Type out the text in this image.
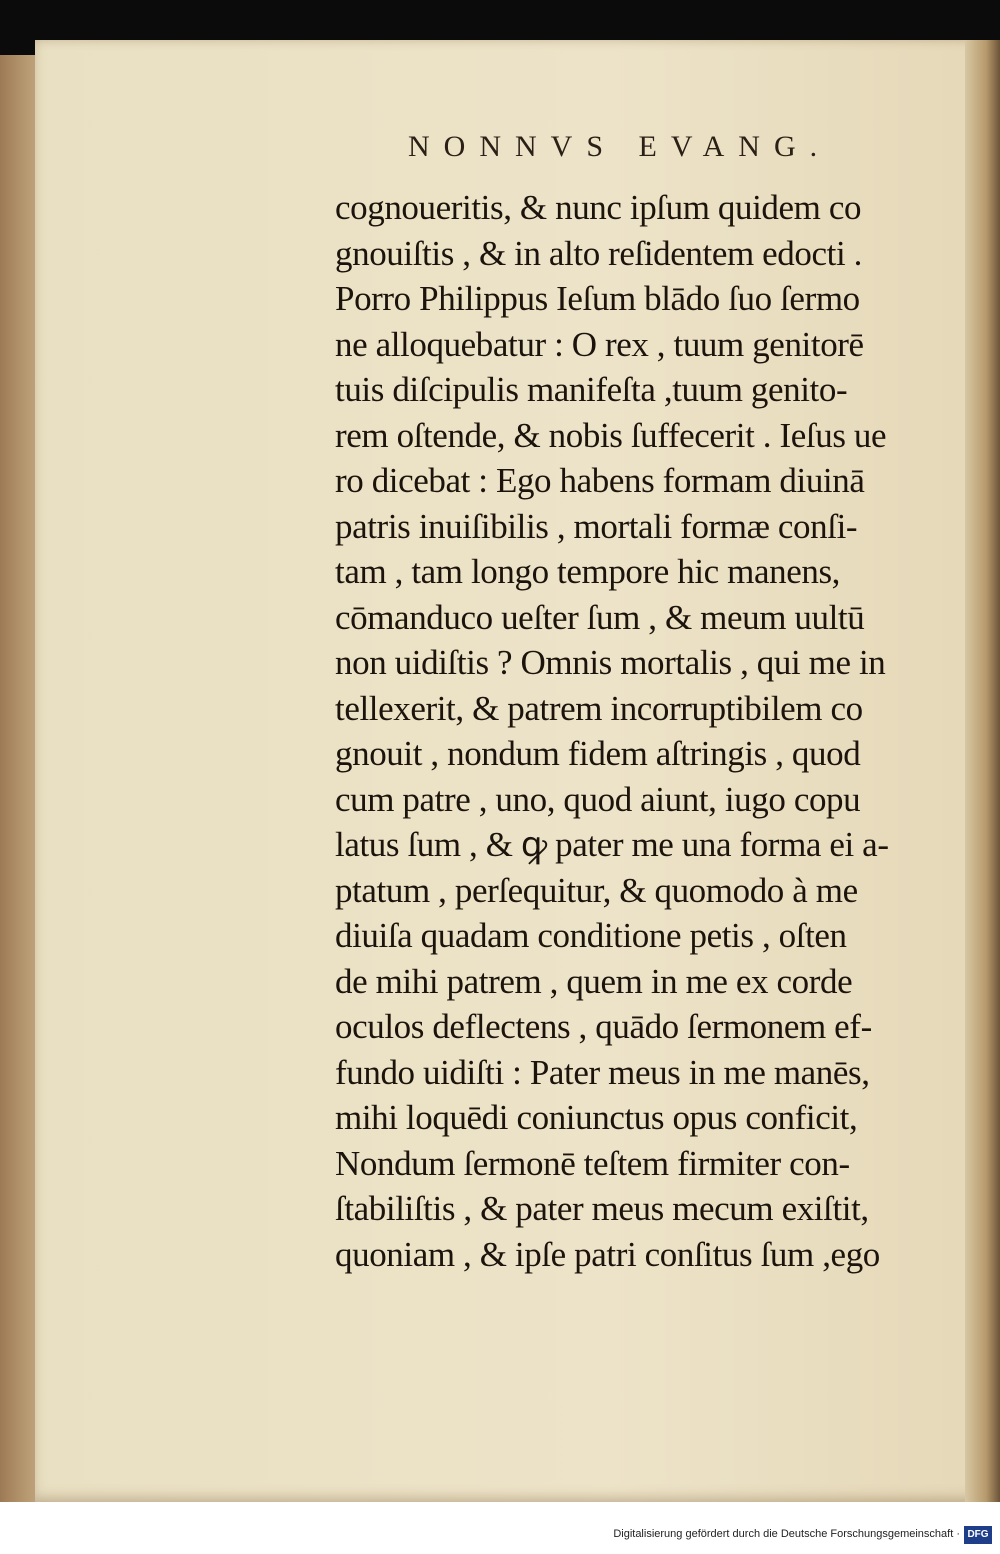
NONNVS EVANG.
cognoueritis, & nunc ipſum quidem co
gnouiſtis , & in alto reſidentem edocti .
Porro Philippus Ieſum blādo ſuo ſermo
ne alloquebatur : O rex , tuum genitorē
tuis diſcipulis manifeſta ,tuum genito-
rem oſtende, & nobis ſuffecerit . Ieſus ue
ro dicebat : Ego habens formam diuinā
patris inuiſibilis , mortali formæ conſi-
tam , tam longo tempore hic manens,
cōmanduco ueſter ſum , & meum uultū
non uidiſtis ? Omnis mortalis , qui me in
tellexerit, & patrem incorruptibilem co
gnouit , nondum fidem aſtringis , quod
cum patre , uno, quod aiunt, iugo copu
latus ſum , & ꝙ pater me una forma ei a-
ptatum , perſequitur, & quomodo à me
diuiſa quadam conditione petis , oſten
de mihi patrem , quem in me ex corde
oculos deflectens , quādo ſermonem ef-
fundo uidiſti : Pater meus in me manēs,
mihi loquēdi coniunctus opus conficit,
Nondum ſermonē teſtem firmiter con-
ſtabiliſtis , & pater meus mecum exiſtit,
quoniam , & ipſe patri conſitus ſum ,ego
Digitalisierung gefördert durch die Deutsche Forschungsgemeinschaft · DFG
